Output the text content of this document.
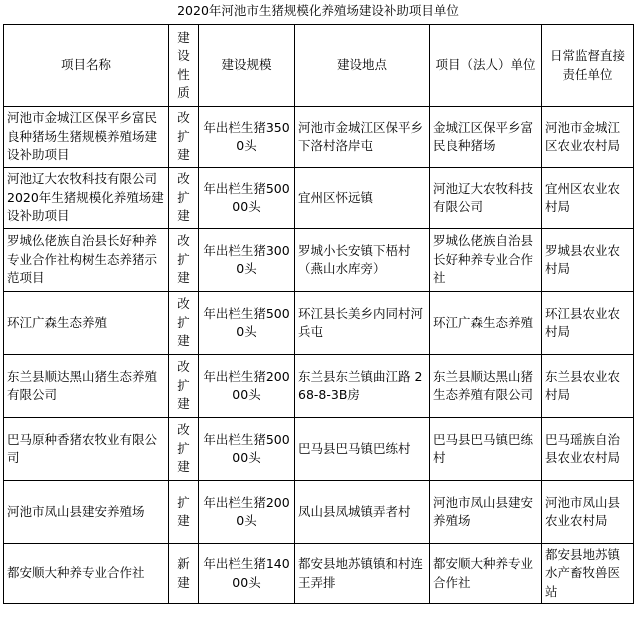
2020年河池市生猪规模化养殖场建设补助项目单位
项目名称	建设性质	建设规模	建设地点	项目（法人）单位	日常监督直接责任单位
河池市金城江区保平乡富民良种猪场生猪规模养殖场建设补助项目	改扩建	年出栏生猪3500头	河池市金城江区保平乡下洛村洛岸屯	金城江区保平乡富民良种猪场	河池市金城江区农业农村局
河池辽大农牧科技有限公司 2020年生猪规模化养殖场建设补助项目	改扩建	年出栏生猪50000头	宜州区怀远镇	河池辽大农牧科技有限公司	宜州区农业农村局
罗城仫佬族自治县长好种养专业合作社构树生态养猪示范项目	改扩建	年出栏生猪3000头	罗城小长安镇下梧村（燕山水库旁）	罗城仫佬族自治县长好种养专业合作社	罗城县农业农村局
环江广森生态养殖	改扩建	年出栏生猪5000头	环江县长美乡内同村河兵屯	环江广森生态养殖	环江县农业农村局
东兰县顺达黑山猪生态养殖有限公司	改扩建	年出栏生猪20000头	东兰县东兰镇曲江路 268-8-3B房	东兰县顺达黑山猪生态养殖有限公司	东兰县农业农村局
巴马原种香猪农牧业有限公司	改扩建	年出栏生猪50000头	巴马县巴马镇巴练村	巴马县巴马镇巴练村	巴马瑶族自治县农业农村局
河池市凤山县建安养殖场	扩建	年出栏生猪2000头	凤山县凤城镇弄者村	河池市凤山县建安养殖场	河池市凤山县农业农村局
都安顺大种养专业合作社	新建	年出栏生猪14000头	都安县地苏镇镇和村连王弄排	都安顺大种养专业合作社	都安县地苏镇水产畜牧兽医站
